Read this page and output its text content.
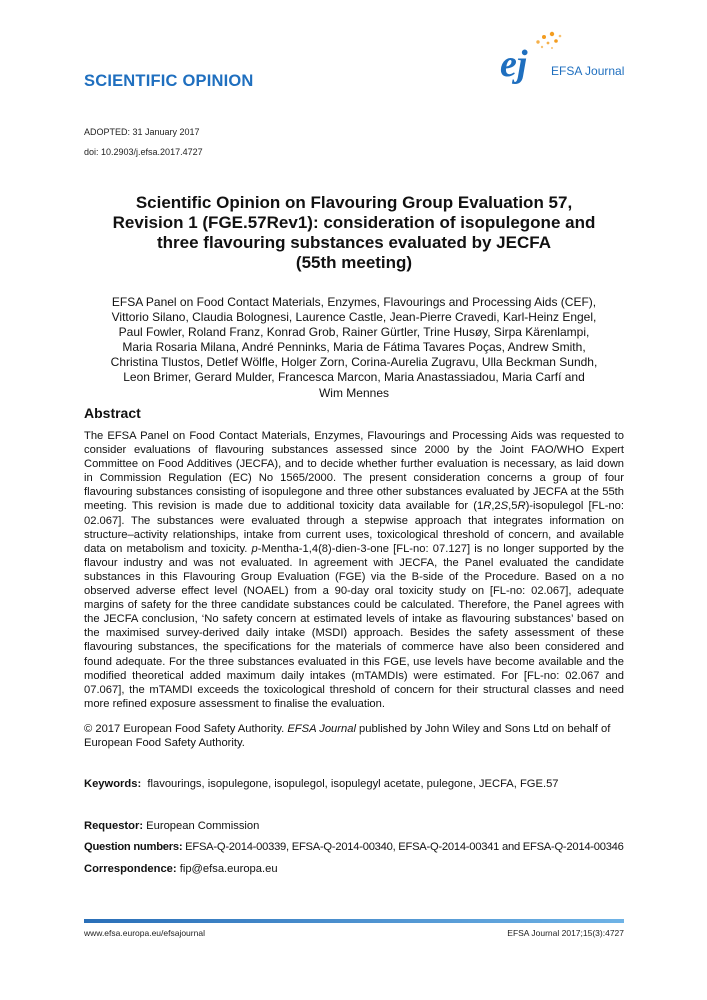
SCIENTIFIC OPINION	ej EFSA Journal
ADOPTED: 31 January 2017
doi: 10.2903/j.efsa.2017.4727
Scientific Opinion on Flavouring Group Evaluation 57,
Revision 1 (FGE.57Rev1): consideration of isopulegone and
three flavouring substances evaluated by JECFA
(55th meeting)
EFSA Panel on Food Contact Materials, Enzymes, Flavourings and Processing Aids (CEF),
Vittorio Silano, Claudia Bolognesi, Laurence Castle, Jean-Pierre Cravedi, Karl-Heinz Engel,
Paul Fowler, Roland Franz, Konrad Grob, Rainer Gürtler, Trine Husøy, Sirpa Kärenlampi,
Maria Rosaria Milana, André Penninks, Maria de Fátima Tavares Poças, Andrew Smith,
Christina Tlustos, Detlef Wölfle, Holger Zorn, Corina-Aurelia Zugravu, Ulla Beckman Sundh,
Leon Brimer, Gerard Mulder, Francesca Marcon, Maria Anastassiadou, Maria Carfí and
Wim Mennes
Abstract
The EFSA Panel on Food Contact Materials, Enzymes, Flavourings and Processing Aids was requested to consider evaluations of flavouring substances assessed since 2000 by the Joint FAO/WHO Expert Committee on Food Additives (JECFA), and to decide whether further evaluation is necessary, as laid down in Commission Regulation (EC) No 1565/2000. The present consideration concerns a group of four flavouring substances consisting of isopulegone and three other substances evaluated by JECFA at the 55th meeting. This revision is made due to additional toxicity data available for (1R,2S,5R)-isopulegol [FL-no: 02.067]. The substances were evaluated through a stepwise approach that integrates information on structure–activity relationships, intake from current uses, toxicological threshold of concern, and available data on metabolism and toxicity. p-Mentha-1,4(8)-dien-3-one [FL-no: 07.127] is no longer supported by the flavour industry and was not evaluated. In agreement with JECFA, the Panel evaluated the candidate substances in this Flavouring Group Evaluation (FGE) via the B-side of the Procedure. Based on a no observed adverse effect level (NOAEL) from a 90-day oral toxicity study on [FL-no: 02.067], adequate margins of safety for the three candidate substances could be calculated. Therefore, the Panel agrees with the JECFA conclusion, ‘No safety concern at estimated levels of intake as flavouring substances’ based on the maximised survey-derived daily intake (MSDI) approach. Besides the safety assessment of these flavouring substances, the specifications for the materials of commerce have also been considered and found adequate. For the three substances evaluated in this FGE, use levels have become available and the modified theoretical added maximum daily intakes (mTAMDIs) were estimated. For [FL-no: 02.067 and 07.067], the mTAMDI exceeds the toxicological threshold of concern for their structural classes and need more refined exposure assessment to finalise the evaluation.
© 2017 European Food Safety Authority. EFSA Journal published by John Wiley and Sons Ltd on behalf of European Food Safety Authority.
Keywords: flavourings, isopulegone, isopulegol, isopulegyl acetate, pulegone, JECFA, FGE.57
Requestor: European Commission
Question numbers: EFSA-Q-2014-00339, EFSA-Q-2014-00340, EFSA-Q-2014-00341 and EFSA-Q-2014-00346
Correspondence: fip@efsa.europa.eu
www.efsa.europa.eu/efsajournal	EFSA Journal 2017;15(3):4727
